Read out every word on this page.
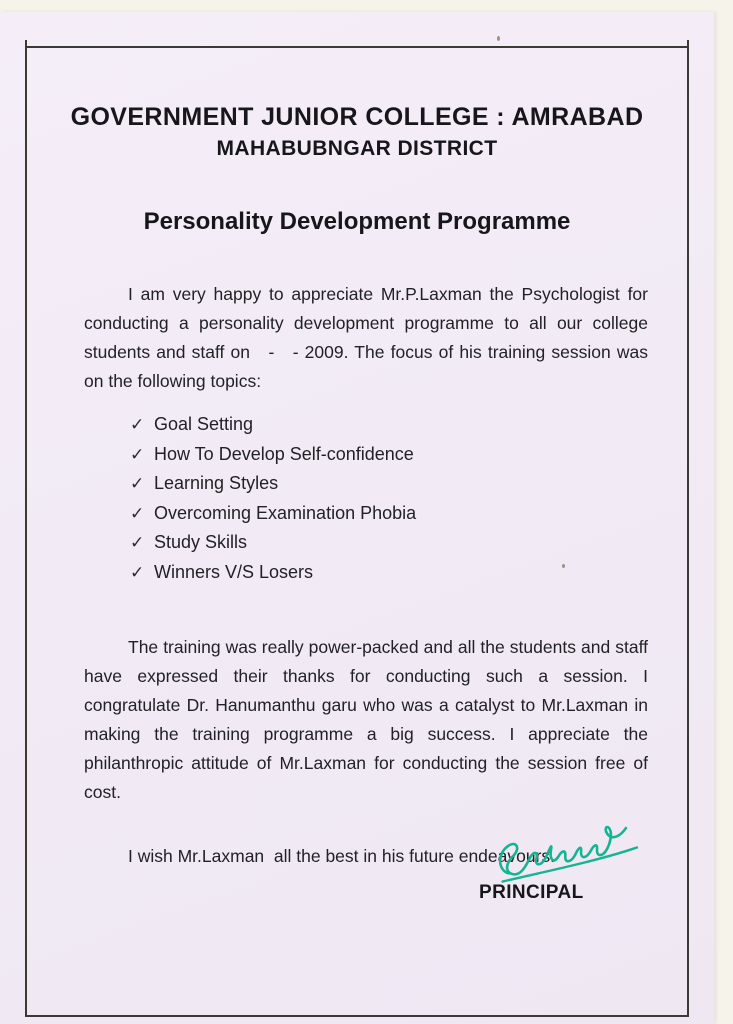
GOVERNMENT JUNIOR COLLEGE : AMRABAD
MAHABUBNGAR DISTRICT
Personality Development Programme

I am very happy to appreciate Mr.P.Laxman the Psychologist for conducting a personality development programme to all our college students and staff on   -   - 2009. The focus of his training session was on the following topics:

✓ Goal Setting
✓ How To Develop Self-confidence
✓ Learning Styles
✓ Overcoming Examination Phobia
✓ Study Skills
✓ Winners V/S Losers

The training was really power-packed and all the students and staff have expressed their thanks for conducting such a session. I congratulate Dr. Hanumanthu garu who was a catalyst to Mr.Laxman in making the training programme a big success. I appreciate the philanthropic attitude of Mr.Laxman for conducting the session free of cost.

I wish Mr.Laxman  all the best in his future endeavours.
PRINCIPAL
